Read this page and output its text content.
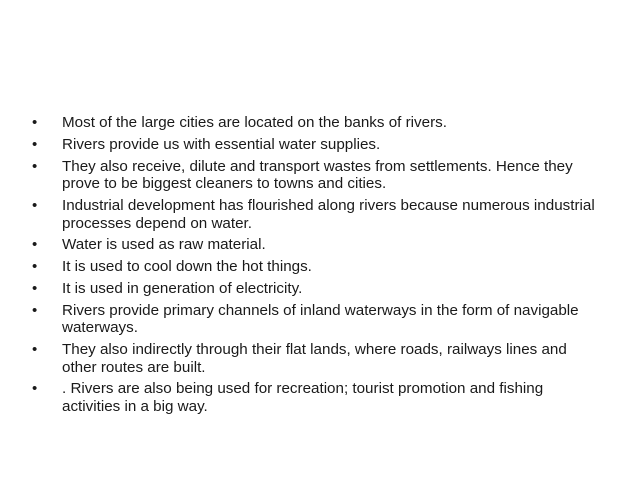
• Most of the large cities are located on the banks of rivers.
• Rivers provide us with essential water supplies.
• They also receive, dilute and transport wastes from settlements. Hence they prove to be biggest cleaners to towns and cities.
• Industrial development has flourished along rivers because numerous industrial processes depend on water.
• Water is used as raw material.
• It is used to cool down the hot things.
• It is used in generation of electricity.
• Rivers provide primary channels of inland waterways in the form of navigable waterways.
• They also indirectly through their flat lands, where roads, railways lines and other routes are built.
• . Rivers are also being used for recreation; tourist promotion and fishing activities in a big way.
